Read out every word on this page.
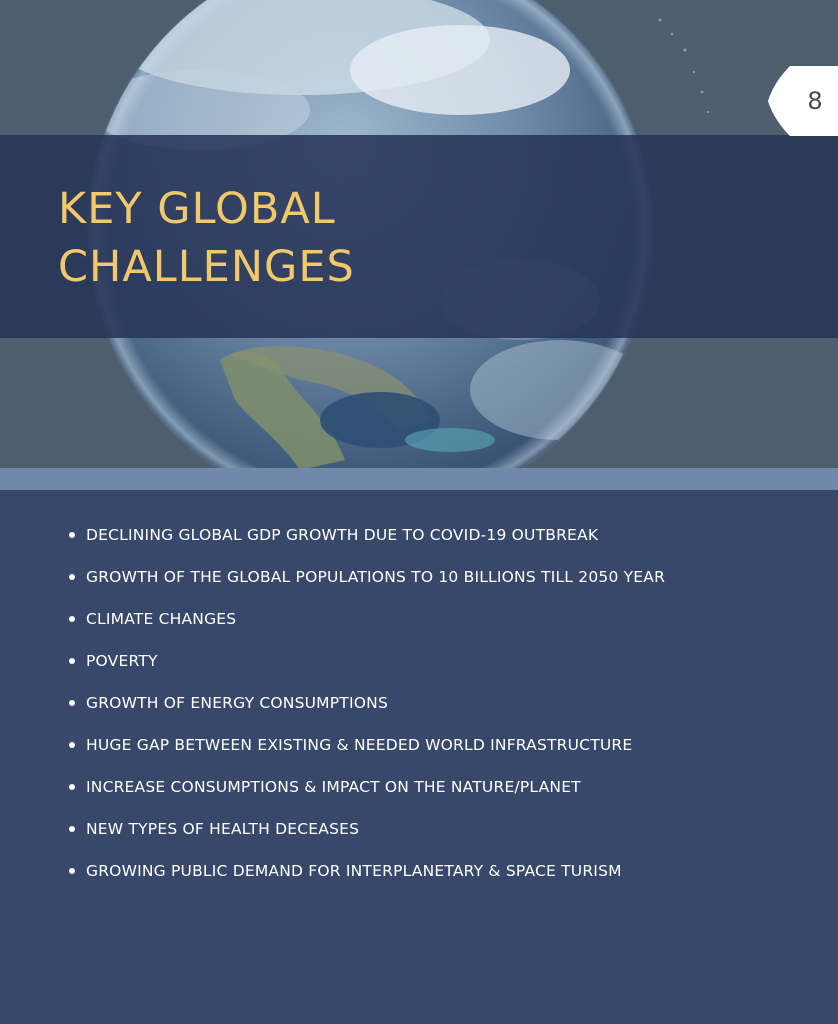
KEY GLOBAL
CHALLENGES
8
DECLINING GLOBAL GDP GROWTH DUE TO COVID-19 OUTBREAK
GROWTH OF THE GLOBAL POPULATIONS TO 10 BILLIONS TILL 2050 YEAR
CLIMATE CHANGES
POVERTY
GROWTH OF ENERGY CONSUMPTIONS
HUGE GAP BETWEEN EXISTING & NEEDED WORLD INFRASTRUCTURE
INCREASE CONSUMPTIONS & IMPACT ON THE NATURE/PLANET
NEW TYPES OF HEALTH DECEASES
GROWING PUBLIC DEMAND FOR INTERPLANETARY & SPACE TURISM
